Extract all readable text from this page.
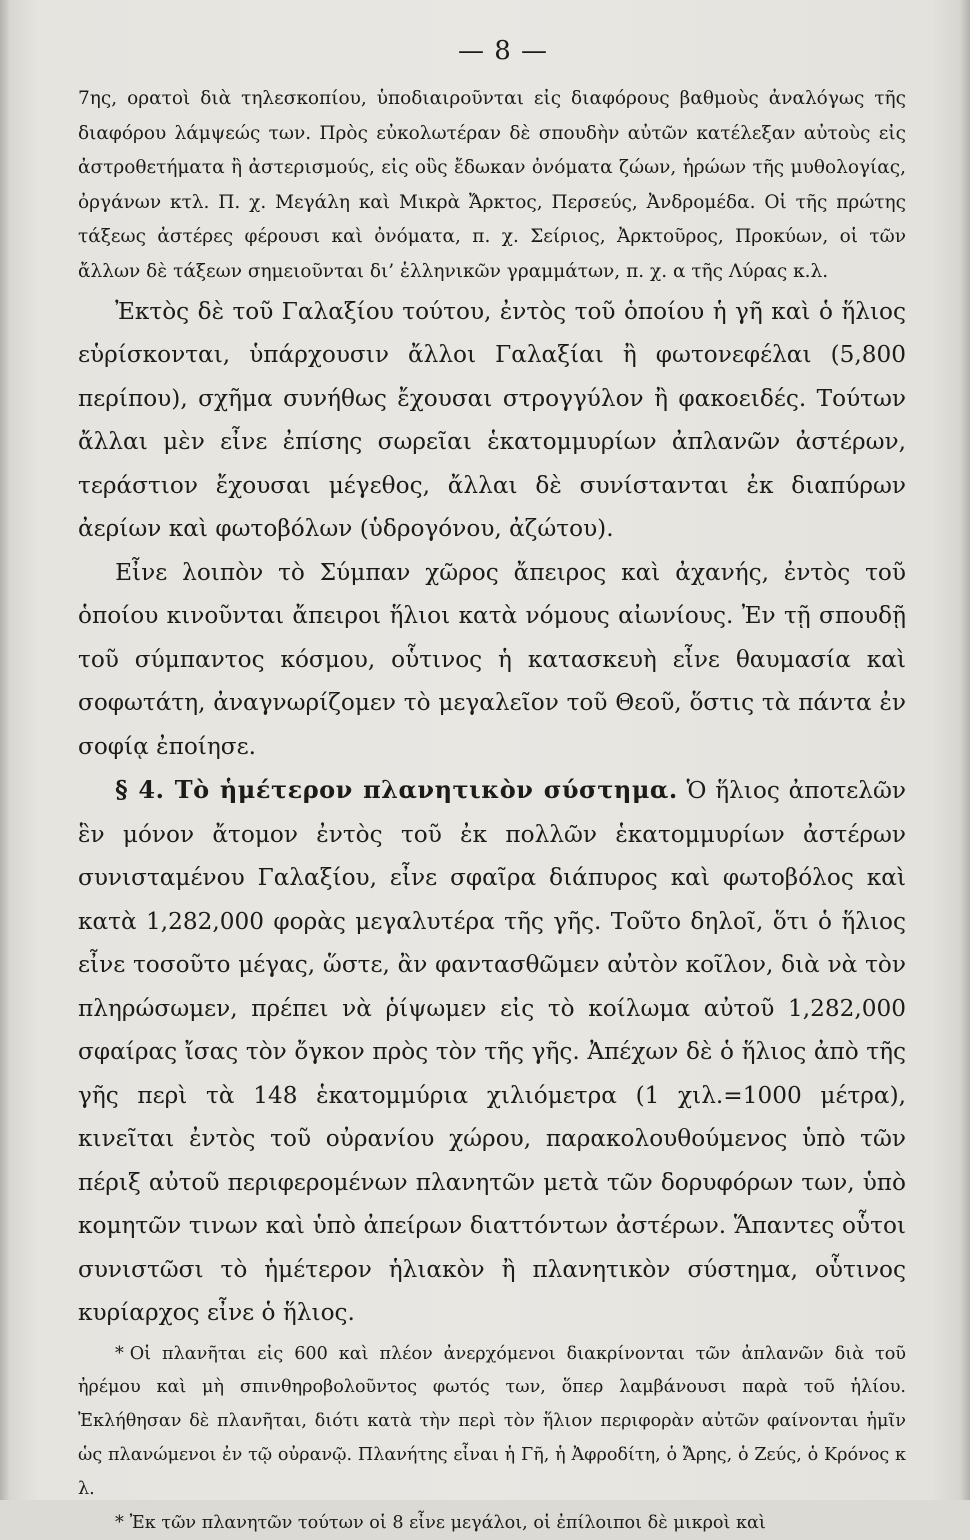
— 8 —

7ης, ορατοὶ διὰ τηλεσκοπίου, ὑποδιαιροῦνται εἰς διαφόρους βαθμοὺς ἀναλόγως τῆς διαφόρου λάμψεώς των. Πρὸς εὐκολωτέραν δὲ σπουδὴν αὐτῶν κατέλεξαν αὐτοὺς εἰς ἀστροθετήματα ἢ ἀστερισμούς, εἰς οὓς ἔδωκαν ὀνόματα ζώων, ἡρώων τῆς μυθολογίας, ὀργάνων κτλ. Π. χ. Μεγάλη καὶ Μικρὰ Ἄρκτος, Περσεύς, Ἀνδρομέδα. Οἱ τῆς πρώτης τάξεως ἀστέρες φέρουσι καὶ ὀνόματα, π. χ. Σείριος, Ἀρκτοῦρος, Προκύων, οἱ τῶν ἄλλων δὲ τάξεων σημειοῦνται δι’ ἑλληνικῶν γραμμάτων, π. χ. α τῆς Λύρας κ.λ.

Ἐκτὸς δὲ τοῦ Γαλαξίου τούτου, ἐντὸς τοῦ ὁποίου ἡ γῆ καὶ ὁ ἥλιος εὑρίσκονται, ὑπάρχουσιν ἄλλοι Γαλαξίαι ἢ φωτονεφέλαι (5,800 περίπου), σχῆμα συνήθως ἔχουσαι στρογγύλον ἢ φακοειδές. Τούτων ἄλλαι μὲν εἶνε ἐπίσης σωρεῖαι ἑκατομμυρίων ἀπλανῶν ἀστέρων, τεράστιον ἔχουσαι μέγεθος, ἄλλαι δὲ συνίστανται ἐκ διαπύρων ἀερίων καὶ φωτοβόλων (ὑδρογόνου, ἀζώτου).

Εἶνε λοιπὸν τὸ Σύμπαν χῶρος ἄπειρος καὶ ἀχανής, ἐντὸς τοῦ ὁποίου κινοῦνται ἄπειροι ἥλιοι κατὰ νόμους αἰωνίους. Ἐν τῇ σπουδῇ τοῦ σύμπαντος κόσμου, οὗτινος ἡ κατασκευὴ εἶνε θαυμασία καὶ σοφωτάτη, ἀναγνωρίζομεν τὸ μεγαλεῖον τοῦ Θεοῦ, ὅστις τὰ πάντα ἐν σοφίᾳ ἐποίησε.

§ 4. Τὸ ἡμέτερον πλανητικὸν σύστημα. Ὁ ἥλιος ἀποτελῶν ἓν μόνον ἄτομον ἐντὸς τοῦ ἐκ πολλῶν ἑκατομμυρίων ἀστέρων συνισταμένου Γαλαξίου, εἶνε σφαῖρα διάπυρος καὶ φωτοβόλος καὶ κατὰ 1,282,000 φορὰς μεγαλυτέρα τῆς γῆς. Τοῦτο δηλοῖ, ὅτι ὁ ἥλιος εἶνε τοσοῦτο μέγας, ὥστε, ἂν φαντασθῶμεν αὐτὸν κοῖλον, διὰ νὰ τὸν πληρώσωμεν, πρέπει νὰ ῥίψωμεν εἰς τὸ κοίλωμα αὐτοῦ 1,282,000 σφαίρας ἴσας τὸν ὄγκον πρὸς τὸν τῆς γῆς. Ἀπέχων δὲ ὁ ἥλιος ἀπὸ τῆς γῆς περὶ τὰ 148 ἑκατομμύρια χιλιόμετρα (1 χιλ.=1000 μέτρα), κινεῖται ἐντὸς τοῦ οὐρανίου χώρου, παρακολουθούμενος ὑπὸ τῶν πέριξ αὐτοῦ περιφερομένων πλανητῶν μετὰ τῶν δορυφόρων των, ὑπὸ κομητῶν τινων καὶ ὑπὸ ἀπείρων διαττόντων ἀστέρων. Ἅπαντες οὗτοι συνιστῶσι τὸ ἡμέτερον ἡλιακὸν ἢ πλανητικὸν σύστημα, οὗτινος κυρίαρχος εἶνε ὁ ἥλιος.

* Οἱ πλανῆται εἰς 600 καὶ πλέον ἀνερχόμενοι διακρίνονται τῶν ἀπλανῶν διὰ τοῦ ἠρέμου καὶ μὴ σπινθηροβολοῦντος φωτός των, ὅπερ λαμβάνουσι παρὰ τοῦ ἡλίου. Ἐκλήθησαν δὲ πλανῆται, διότι κατὰ τὴν περὶ τὸν ἥλιον περιφορὰν αὐτῶν φαίνονται ἡμῖν ὡς πλανώμενοι ἐν τῷ οὐρανῷ. Πλανήτης εἶναι ἡ Γῆ, ἡ Ἀφροδίτη, ὁ Ἄρης, ὁ Ζεύς, ὁ Κρόνος κ λ.

* Ἐκ τῶν πλανητῶν τούτων οἱ 8 εἶνε μεγάλοι, οἱ ἐπίλοιποι δὲ μικροὶ καὶ
